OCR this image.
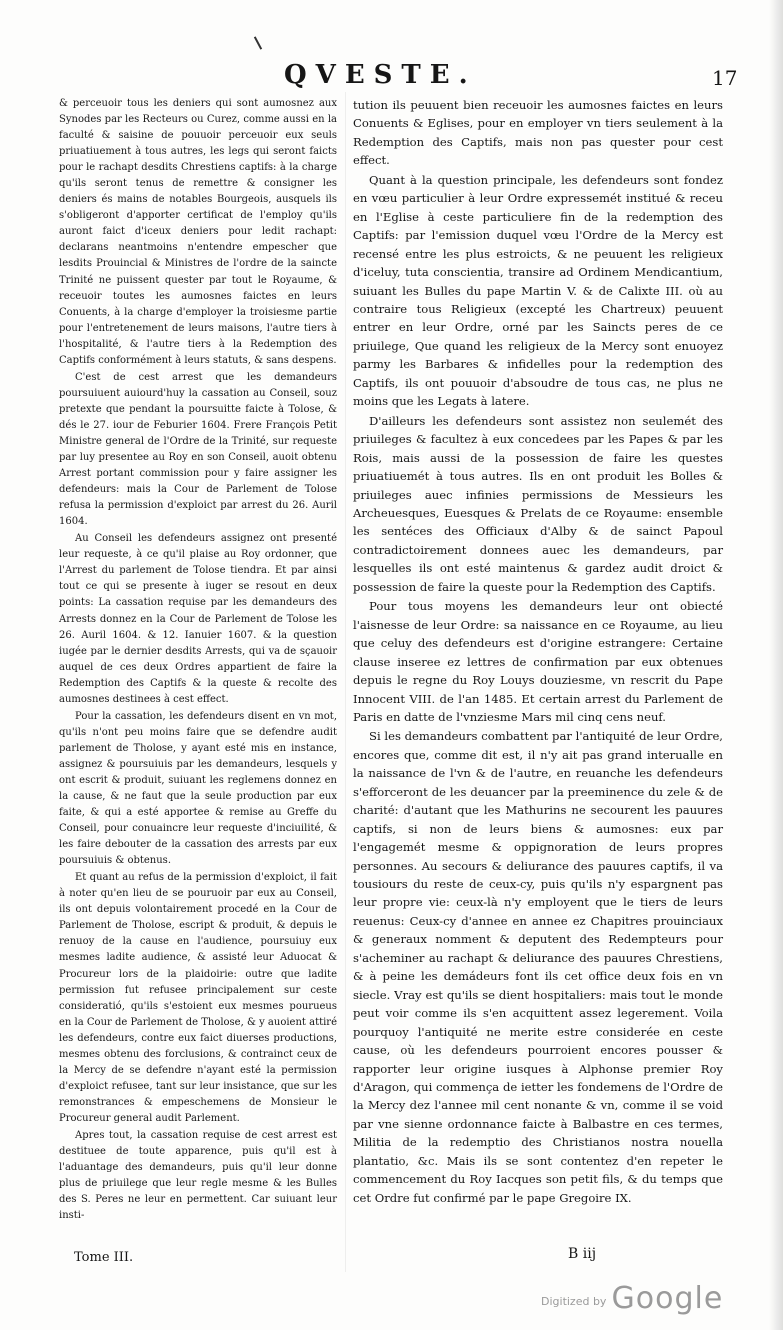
QVESTE.	17

& perceuoir tous les deniers qui sont aumosnez aux Synodes par les Recteurs ou Curez, comme aussi en la faculté & saisine de pouuoir perceuoir eux seuls priuatiuement à tous autres, les legs qui seront faicts pour le rachapt desdits Chrestiens captifs: à la charge qu'ils seront tenus de remettre & consigner les deniers és mains de notables Bourgeois, ausquels ils s'obligeront d'apporter certificat de l'employ qu'ils auront faict d'iceux deniers pour ledit rachapt: declarans neantmoins n'entendre empescher que lesdits Prouincial & Ministres de l'ordre de la saincte Trinité ne puissent quester par tout le Royaume, & receuoir toutes les aumosnes faictes en leurs Conuents, à la charge d'employer la troisiesme partie pour l'entretenement de leurs maisons, l'autre tiers à l'hospitalité, & l'autre tiers à la Redemption des Captifs conformément à leurs statuts, & sans despens.

C'est de cest arrest que les demandeurs poursuiuent auiourd'huy la cassation au Conseil, souz pretexte que pendant la poursuitte faicte à Tolose, & dés le 27. iour de Feburier 1604. Frere François Petit Ministre general de l'Ordre de la Trinité, sur requeste par luy presentee au Roy en son Conseil, auoit obtenu Arrest portant commission pour y faire assigner les defendeurs: mais la Cour de Parlement de Tolose refusa la permission d'exploict par arrest du 26. Auril 1604.

Au Conseil les defendeurs assignez ont presenté leur requeste, à ce qu'il plaise au Roy ordonner, que l'Arrest du parlement de Tolose tiendra. Et par ainsi tout ce qui se presente à iuger se resout en deux points: La cassation requise par les demandeurs des Arrests donnez en la Cour de Parlement de Tolose les 26. Auril 1604. & 12. Ianuier 1607. & la question iugée par le dernier desdits Arrests, qui va de sçauoir auquel de ces deux Ordres appartient de faire la Redemption des Captifs & la queste & recolte des aumosnes destinees à cest effect.

Pour la cassation, les defendeurs disent en vn mot, qu'ils n'ont peu moins faire que se defendre audit parlement de Tholose, y ayant esté mis en instance, assignez & poursuiuis par les demandeurs, lesquels y ont escrit & produit, suiuant les reglemens donnez en la cause, & ne faut que la seule production par eux faite, & qui a esté apportee & remise au Greffe du Conseil, pour conuaincre leur requeste d'inciuilité, & les faire debouter de la cassation des arrests par eux poursuiuis & obtenus.

Et quant au refus de la permission d'exploict, il fait à noter qu'en lieu de se pouruoir par eux au Conseil, ils ont depuis volontairement procedé en la Cour de Parlement de Tholose, escript & produit, & depuis le renuoy de la cause en l'audience, poursuiuy eux mesmes ladite audience, & assisté leur Aduocat & Procureur lors de la plaidoirie: outre que ladite permission fut refusee principalement sur ceste consideratió, qu'ils s'estoient eux mesmes pourueus en la Cour de Parlement de Tholose, & y auoient attiré les defendeurs, contre eux faict diuerses productions, mesmes obtenu des forclusions, & contrainct ceux de la Mercy de se defendre n'ayant esté la permission d'exploict refusee, tant sur leur insistance, que sur les remonstrances & empeschemens de Monsieur le Procureur general audit Parlement.

Apres tout, la cassation requise de cest arrest est destituee de toute apparence, puis qu'il est à l'aduantage des demandeurs, puis qu'il leur donne plus de priuilege que leur regle mesme & les Bulles des S. Peres ne leur en permettent. Car suiuant leur insti-

tution ils peuuent bien receuoir les aumosnes faictes en leurs Conuents & Eglises, pour en employer vn tiers seulement à la Redemption des Captifs, mais non pas quester pour cest effect.

Quant à la question principale, les defendeurs sont fondez en vœu particulier à leur Ordre expressemét institué & receu en l'Eglise à ceste particuliere fin de la redemption des Captifs: par l'emission duquel vœu l'Ordre de la Mercy est recensé entre les plus estroicts, & ne peuuent les religieux d'iceluy, tuta conscientia, transire ad Ordinem Mendicantium, suiuant les Bulles du pape Martin V. & de Calixte III. où au contraire tous Religieux (excepté les Chartreux) peuuent entrer en leur Ordre, orné par les Saincts peres de ce priuilege, Que quand les religieux de la Mercy sont enuoyez parmy les Barbares & infidelles pour la redemption des Captifs, ils ont pouuoir d'absoudre de tous cas, ne plus ne moins que les Legats à latere.

D'ailleurs les defendeurs sont assistez non seulemét des priuileges & facultez à eux concedees par les Papes & par les Rois, mais aussi de la possession de faire les questes priuatiuemét à tous autres. Ils en ont produit les Bolles & priuileges auec infinies permissions de Messieurs les Archeuesques, Euesques & Prelats de ce Royaume: ensemble les sentéces des Officiaux d'Alby & de sainct Papoul contradictoirement donnees auec les demandeurs, par lesquelles ils ont esté maintenus & gardez audit droict & possession de faire la queste pour la Redemption des Captifs.

Pour tous moyens les demandeurs leur ont obiecté l'aisnesse de leur Ordre: sa naissance en ce Royaume, au lieu que celuy des defendeurs est d'origine estrangere: Certaine clause inseree ez lettres de confirmation par eux obtenues depuis le regne du Roy Louys douziesme, vn rescrit du Pape Innocent VIII. de l'an 1485. Et certain arrest du Parlement de Paris en datte de l'vnziesme Mars mil cinq cens neuf.

Si les demandeurs combattent par l'antiquité de leur Ordre, encores que, comme dit est, il n'y ait pas grand interualle en la naissance de l'vn & de l'autre, en reuanche les defendeurs s'efforceront de les deuancer par la preeminence du zele & de charité: d'autant que les Mathurins ne secourent les pauures captifs, si non de leurs biens & aumosnes: eux par l'engagemét mesme & oppignoration de leurs propres personnes. Au secours & deliurance des pauures captifs, il va tousiours du reste de ceux-cy, puis qu'ils n'y espargnent pas leur propre vie: ceux-là n'y employent que le tiers de leurs reuenus: Ceux-cy d'annee en annee ez Chapitres prouinciaux & generaux nomment & deputent des Redempteurs pour s'acheminer au rachapt & deliurance des pauures Chrestiens, & à peine les demádeurs font ils cet office deux fois en vn siecle. Vray est qu'ils se dient hospitaliers: mais tout le monde peut voir comme ils s'en acquittent assez legerement. Voila pourquoy l'antiquité ne merite estre considerée en ceste cause, où les defendeurs pourroient encores pousser & rapporter leur origine iusques à Alphonse premier Roy d'Aragon, qui commença de ietter les fondemens de l'Ordre de la Mercy dez l'annee mil cent nonante & vn, comme il se void par vne sienne ordonnance faicte à Balbastre en ces termes, Militia de la redemptio des Christianos nostra nouella plantatio, &c. Mais ils se sont contentez d'en repeter le commencement du Roy Iacques son petit fils, & du temps que cet Ordre fut confirmé par le pape Gregoire IX.

Tome III.	B iij
Digitized by Google
